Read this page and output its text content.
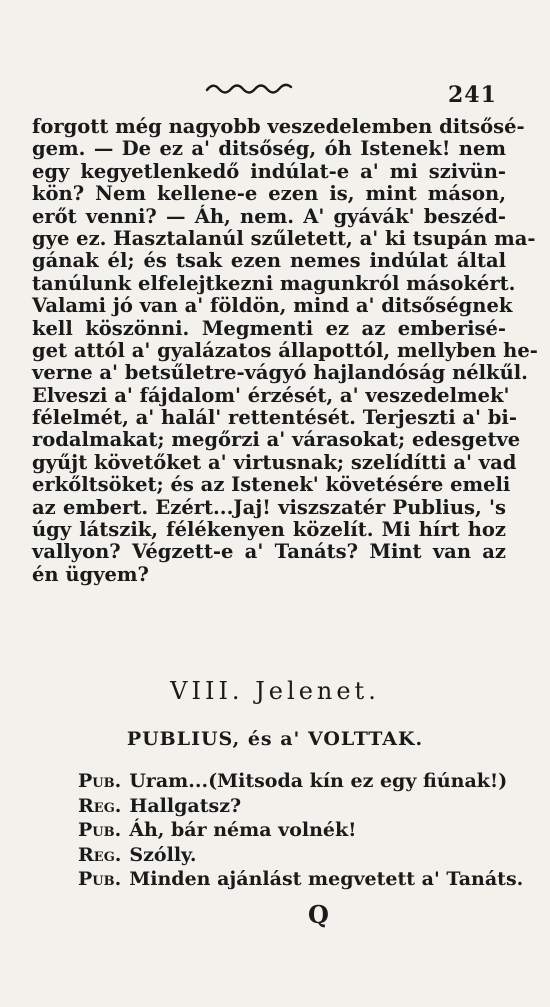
241
forgott még nagyobb veszedelemben ditsősé-
gem. — De ez a' ditsőség, óh Istenek! nem
egy kegyetlenkedő indúlat-e a' mi szivün-
kön? Nem kellene-e ezen is, mint máson,
erőt venni? — Áh, nem. A' gyávák' beszéd-
gye ez. Hasztalanúl szűletett, a' ki tsupán ma-
gának él; és tsak ezen nemes indúlat által
tanúlunk elfelejtkezni magunkról másokért.
Valami jó van a' földön, mind a' ditsőségnek
kell köszönni. Megmenti ez az emberisé-
get attól a' gyalázatos állapottól, mellyben he-
verne a' betsűletre-vágyó hajlandóság nélkűl.
Elveszi a' fájdalom' érzését, a' veszedelmek'
félelmét, a' halál' rettentését. Terjeszti a' bi-
rodalmakat; megőrzi a' várasokat; edesgetve
gyűjt követőket a' virtusnak; szelídítti a' vad
erkőltsöket; és az Istenek' követésére emeli
az embert. Ezért...Jaj! viszszatér Publius, 's
úgy látszik, félékenyen közelít. Mi hírt hoz
vallyon? Végzett-e a' Tanáts? Mint van az
én ügyem?
VIII. Jelenet.
PUBLIUS, és a' VOLTTAK.
Pub. Uram...(Mitsoda kín ez egy fiúnak!)
Reg. Hallgatsz?
Pub. Áh, bár néma volnék!
Reg. Szólly.
Pub. Minden ajánlást megvetett a' Tanáts.
Q
